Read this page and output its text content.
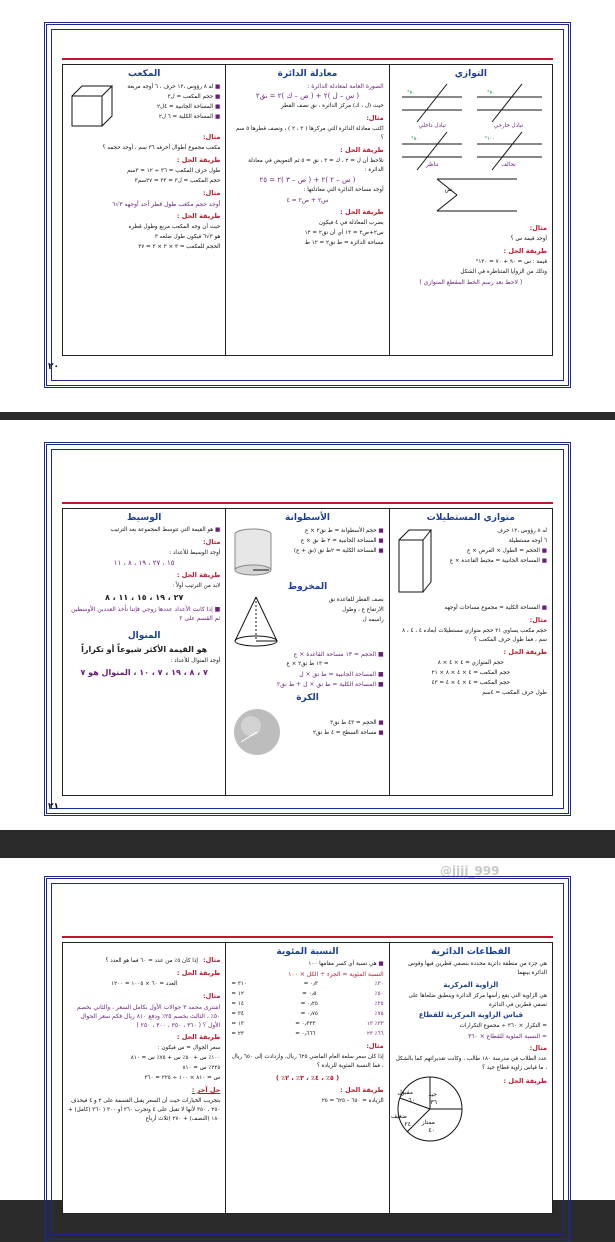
التوازي
٧٠°	٧٠°
١٠٠°
٨٠°
تبادل خارجي
تبادل داخلي
تحالف
تناظر
س
مثال:
أوجد قيمة س ؟
طريقة الحل :
قيمة : س = ٩٠ + ٧٠ = ١٣٠°
وذلك من الزوايا المتناظرة في الشكل
( لاحظ بعد رسم الخط المقطع المتوازي )
معادلة الدائرة
الصورة العامة لمعادلة الدائرة :
( س – ل )٢ + ( ص – ك )٢ = نق٢
حيث (ل ، ك) مركز الدائرة ، نق نصف القطر
مثال:
اكتب معادلة الدائرة التي مركزها ( ٣ ، ٢ ) ، ونصف قطرها ٥ سم ؟
طريقة الحل :
نلاحظ أن ل = ٢ ، ك = ٣ ، نق = ٥ ثم التعويض في معادلة الدائرة :
( س – ٢ )٢ + ( ص – ٣ )٢ = ٢٥
أوجد مساحة الدائرة التي معادلتها :
س٢ + ص٢ = ٤
طريقة الحل :
بضرب المعادلة في ٤ فيكون
س٢+ص٢ = ١٢ أي أن نق٢ = ١٢
مساحة الدائرة = ط نق٢ = ١٢ ط
المكعب
■ له ٨ رؤوس ،١٢ حرف ، ٦ أوجه مربعة
■ حجم المكعب = ل٣
■ المساحة الجانبية = ٤ل٢
■ المساحة الكلية = ٦ ل٢
مثال:
مكعب مجموع أطوال أحرفه ٣٦ سم ، أوجد حجمه ؟
طريقة الحل :
طول حرف المكعب = ٣٦ ÷ ١٢ = ٣سم
حجم المكعب = ل٣ = ٣٣ = ٢٧سم٣
مثال:
أوجد حجم مكعب طول قطر أحد أوجهه ٣√٦
طريقة الحل :
حيث أن وجه المكعب مربع وطول قطره
هو ٣√٦ فيكون طول ضلعه ٣
الحجم للمكعب = ٣ × ٣ × ٣ = ٢٧
٢٠
متوازي المستطيلات
له ٨ رؤوس ،١٢ حرف
٦ أوجه مستطيلة
■ الحجم = الطول × العرض × ع
■ المساحة الجانبية = محيط القاعدة × ع
■ المساحة الكلية = مجموع مساحات أوجهه
مثال:
حجم مكعب يساوي ٢١ حجم متوازي مستطيلات أبعاده ٤ ، ٤ ، ٨ سم ، فما طول حرف المكعب ؟
طريقة الحل :
حجم المتوازي = ٤ × ٤ × ٨
حجم المكعب = ٤ × ٤ × ٨ × ٢١
حجم المكعب = ٤ × ٤ × ٤ = ٤٣
طول حرف المكعب = ٤سم
الأسطوانة
■ حجم الأسطوانة = ط نق٢ × ع
■ المساحة الجانبية = ٢ ط نق × ع
■ المساحة الكلية = ٢ط نق (نق + ع)
المخروط
نصف القطر للقاعدة نق
الارتفاع ع ، وطول
راسمه ل
■ الحجم = ١٣ مساحة القاعدة × ع
= ١٣ ط نق٢ × ع
■ المساحة الجانبية = ط نق × ل
■ المساحة الكلية = ط نق × ل + ط نق٢
الكرة
■ الحجم = ٤٣ ط نق٣
■ مساحة السطح = ٤ ط نق٢
الوسيط
■ هو القيمة التي تتوسط المجموعة بعد الترتيب
مثال:
أوجد الوسيط للأعداد :
١٥ ، ٢٧ ، ١٩ ، ٨ ، ١١
طريقة الحل :
لابد من الترتيب أولاً :
٢٧ ، ١٩ ، ١٥ ، ١١ ، ٨
■ إذا كانت الأعداد عددها زوجي فإننا نأخذ العددين الأوسطين ثم القسم على ٢
المنوال
هو القيمة الأكثر شيوعاً أو تكراراً
أوجد المنوال للأعداد :
٧ ، ٨ ، ١٩ ، ٧ ، ١٠ ، المنوال هو ٧
٢١
@jjjj_999
القطاعات الدائرية
هي جزء من منطقة دائرية محددة بنصفي قطرين فيها وقوس الدائرة بينهما
الزاوية المركزية
هي الزاوية التي يقع رأسها مركز الدائرة وينطبق ضلعاها على نصفي قطرين في الدائرة
قياس الزاوية المركزية للقطاع
= التكرار × ٣٦٠ ÷ مجموع التكرارات
= النسبة المئوية للقطاع × ٣٦٠
مثال:
عدد الطلاب في مدرسة ١٨٠ طالب ، وكانت تقديراتهم كما بالشكل ، ما قياس زاوية قطاع جيد ؟
طريقة الحل :
جيد
٣٦
مقبول
٦٠
ضعيف
٢٤ ممتاز
٤٠
النسبة المئوية
■ هي نسبة أي كسر مقامها ١٠٠
النسبة المئوية = الجزء ÷ الكل × ١٠٠
٣٠٪
٠٫٣ =
٣١٠ =
٥٠٪
٠٫٥ =
١٢ =
٢٥٪
٠٫٢٥ =
١٤ =
٧٥٪
٠٫٧٥ =
٣٤ =
٣٣٪ ١٣
٠٫٣٣٣ =
١٣ =
٦٦٪ ٢٣
٠٫٦٦٦ =
٢٣ =
مثال:
إذا كان سعر سلعة العام الماضي ٦٢٥ ريال، وازدادت إلى ٦٥٠ ريال ، فما النسبة المئوية للزيادة ؟
( ٥٪ ، ٤٪ ، ٣٪ ، ٢٪ )
طريقة الحل :
الزيادة = ٦٥٠ – ٦٢٥ = ٢٥
مثال: إذا كان ٥٪ من عدد = ٦٠ فما هو العدد ؟
طريقة الحل :
العدد = ٦٠ × ١٠٠٥ = ١٢٠٠
مثال:
اشترى محمد ٣ جوالات الأول بكامل السعر ، والثاني بخصم ٥٠٪ ، الثالث بخصم ٢٥٪ ودفع ٨١٠ ريال فكم سعر الجوال الأول ؟ ( ٣٦٠ ، ٣٥٠ ، ٣٠٠ ، ٢٥٠ )
طريقة الحل :
سعر الجوال = س فيكون :
١٠٠٪ س + ٥٠٪ س + ٧٥٪ س = ٨١٠
٢٢٥٪ س = ٨١٠
س = ٨١٠ × ١٠٠ ÷ ٢٢٥ = ٣٦٠
حل آخر :
بتجريب الخيارات حيث أن السعر يقبل القسمة على ٢ و ٤ فيحذف ٢٥٠ ، ٣٥٠ لأنها لا تقبل على ٤ وتجرب ٣٦٠ أو ٣٠٠ ( ٣٦٠ (كامل) + ١٨٠ (النصف) + ٢٧٠ (ثلاث أرباع
